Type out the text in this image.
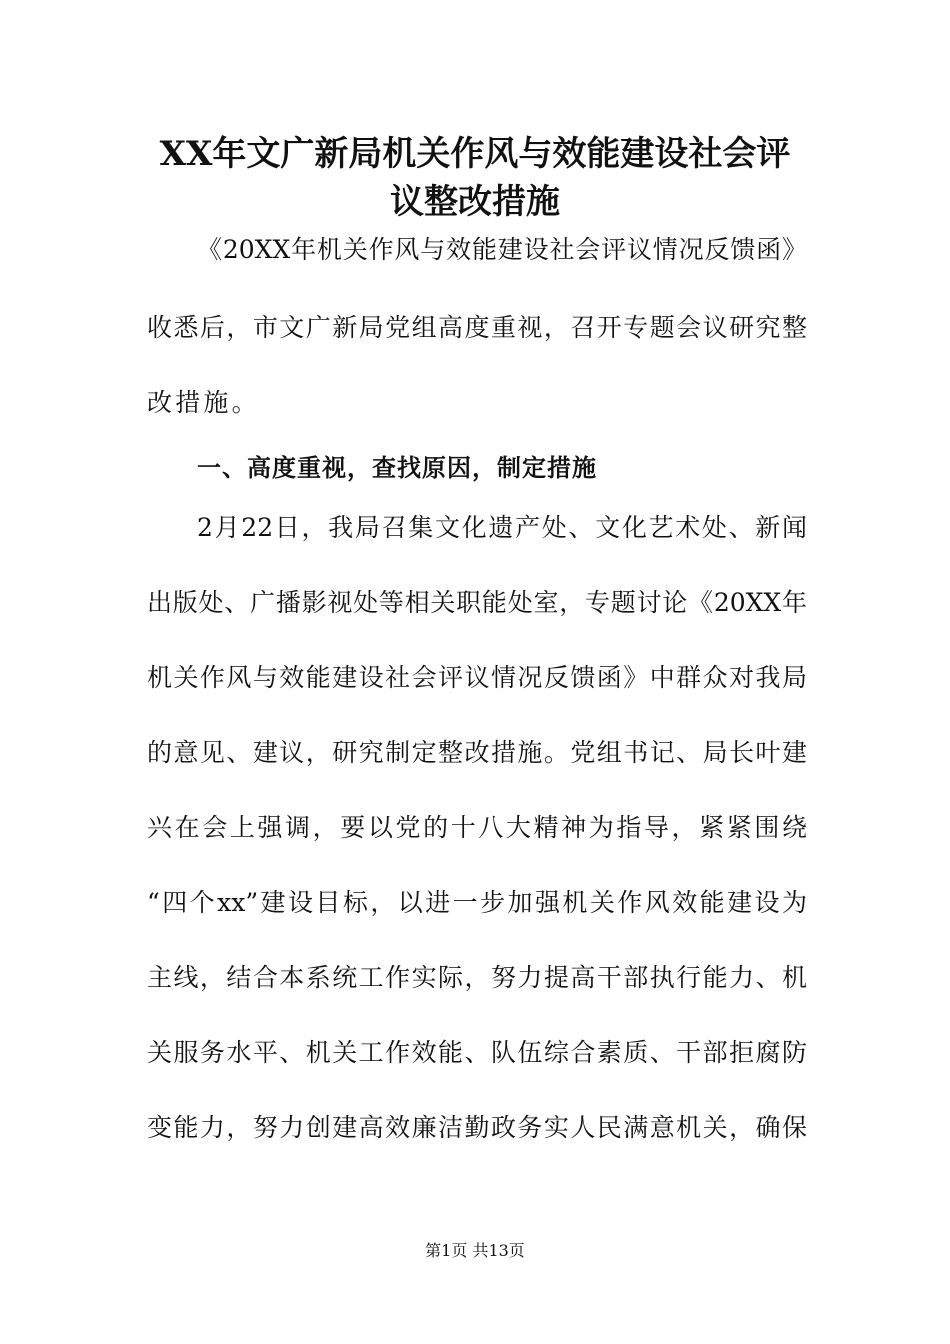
XX年文广新局机关作风与效能建设社会评
议整改措施

《20XX年机关作风与效能建设社会评议情况反馈函》

收悉后，市文广新局党组高度重视，召开专题会议研究整

改措施。

一、高度重视，查找原因，制定措施

2月22日，我局召集文化遗产处、文化艺术处、新闻

出版处、广播影视处等相关职能处室，专题讨论《20XX年

机关作风与效能建设社会评议情况反馈函》中群众对我局

的意见、建议，研究制定整改措施。党组书记、局长叶建

兴在会上强调，要以党的十八大精神为指导，紧紧围绕

“四个xx”建设目标，以进一步加强机关作风效能建设为

主线，结合本系统工作实际，努力提高干部执行能力、机

关服务水平、机关工作效能、队伍综合素质、干部拒腐防

变能力，努力创建高效廉洁勤政务实人民满意机关，确保

第1页 共13页
